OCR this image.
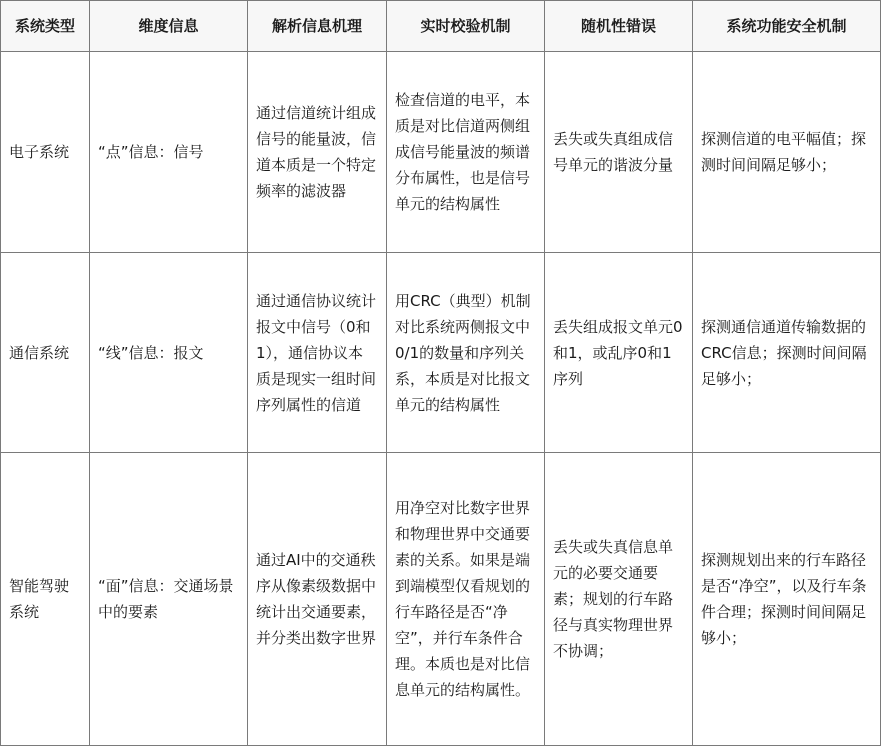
系统类型	维度信息	解析信息机理	实时校验机制	随机性错误	系统功能安全机制
电子系统	“点”信息：信号	通过信道统计组成信号的能量波，信道本质是一个特定频率的滤波器	检查信道的电平，本质是对比信道两侧组成信号能量波的频谱分布属性，也是信号单元的结构属性	丢失或失真组成信号单元的谐波分量	探测信道的电平幅值；探测时间间隔足够小；
通信系统	“线”信息：报文	通过通信协议统计报文中信号（0和1），通信协议本质是现实一组时间序列属性的信道	用CRC（典型）机制对比系统两侧报文中0/1的数量和序列关系，本质是对比报文单元的结构属性	丢失组成报文单元0和1，或乱序0和1序列	探测通信通道传输数据的CRC信息；探测时间间隔足够小；
智能驾驶系统	“面”信息：交通场景中的要素	通过AI中的交通秩序从像素级数据中统计出交通要素，并分类出数字世界	用净空对比数字世界和物理世界中交通要素的关系。如果是端到端模型仅看规划的行车路径是否“净空”，并行车条件合理。本质也是对比信息单元的结构属性。	丢失或失真信息单元的必要交通要素；规划的行车路径与真实物理世界不协调；	探测规划出来的行车路径是否“净空”，以及行车条件合理；探测时间间隔足够小；
